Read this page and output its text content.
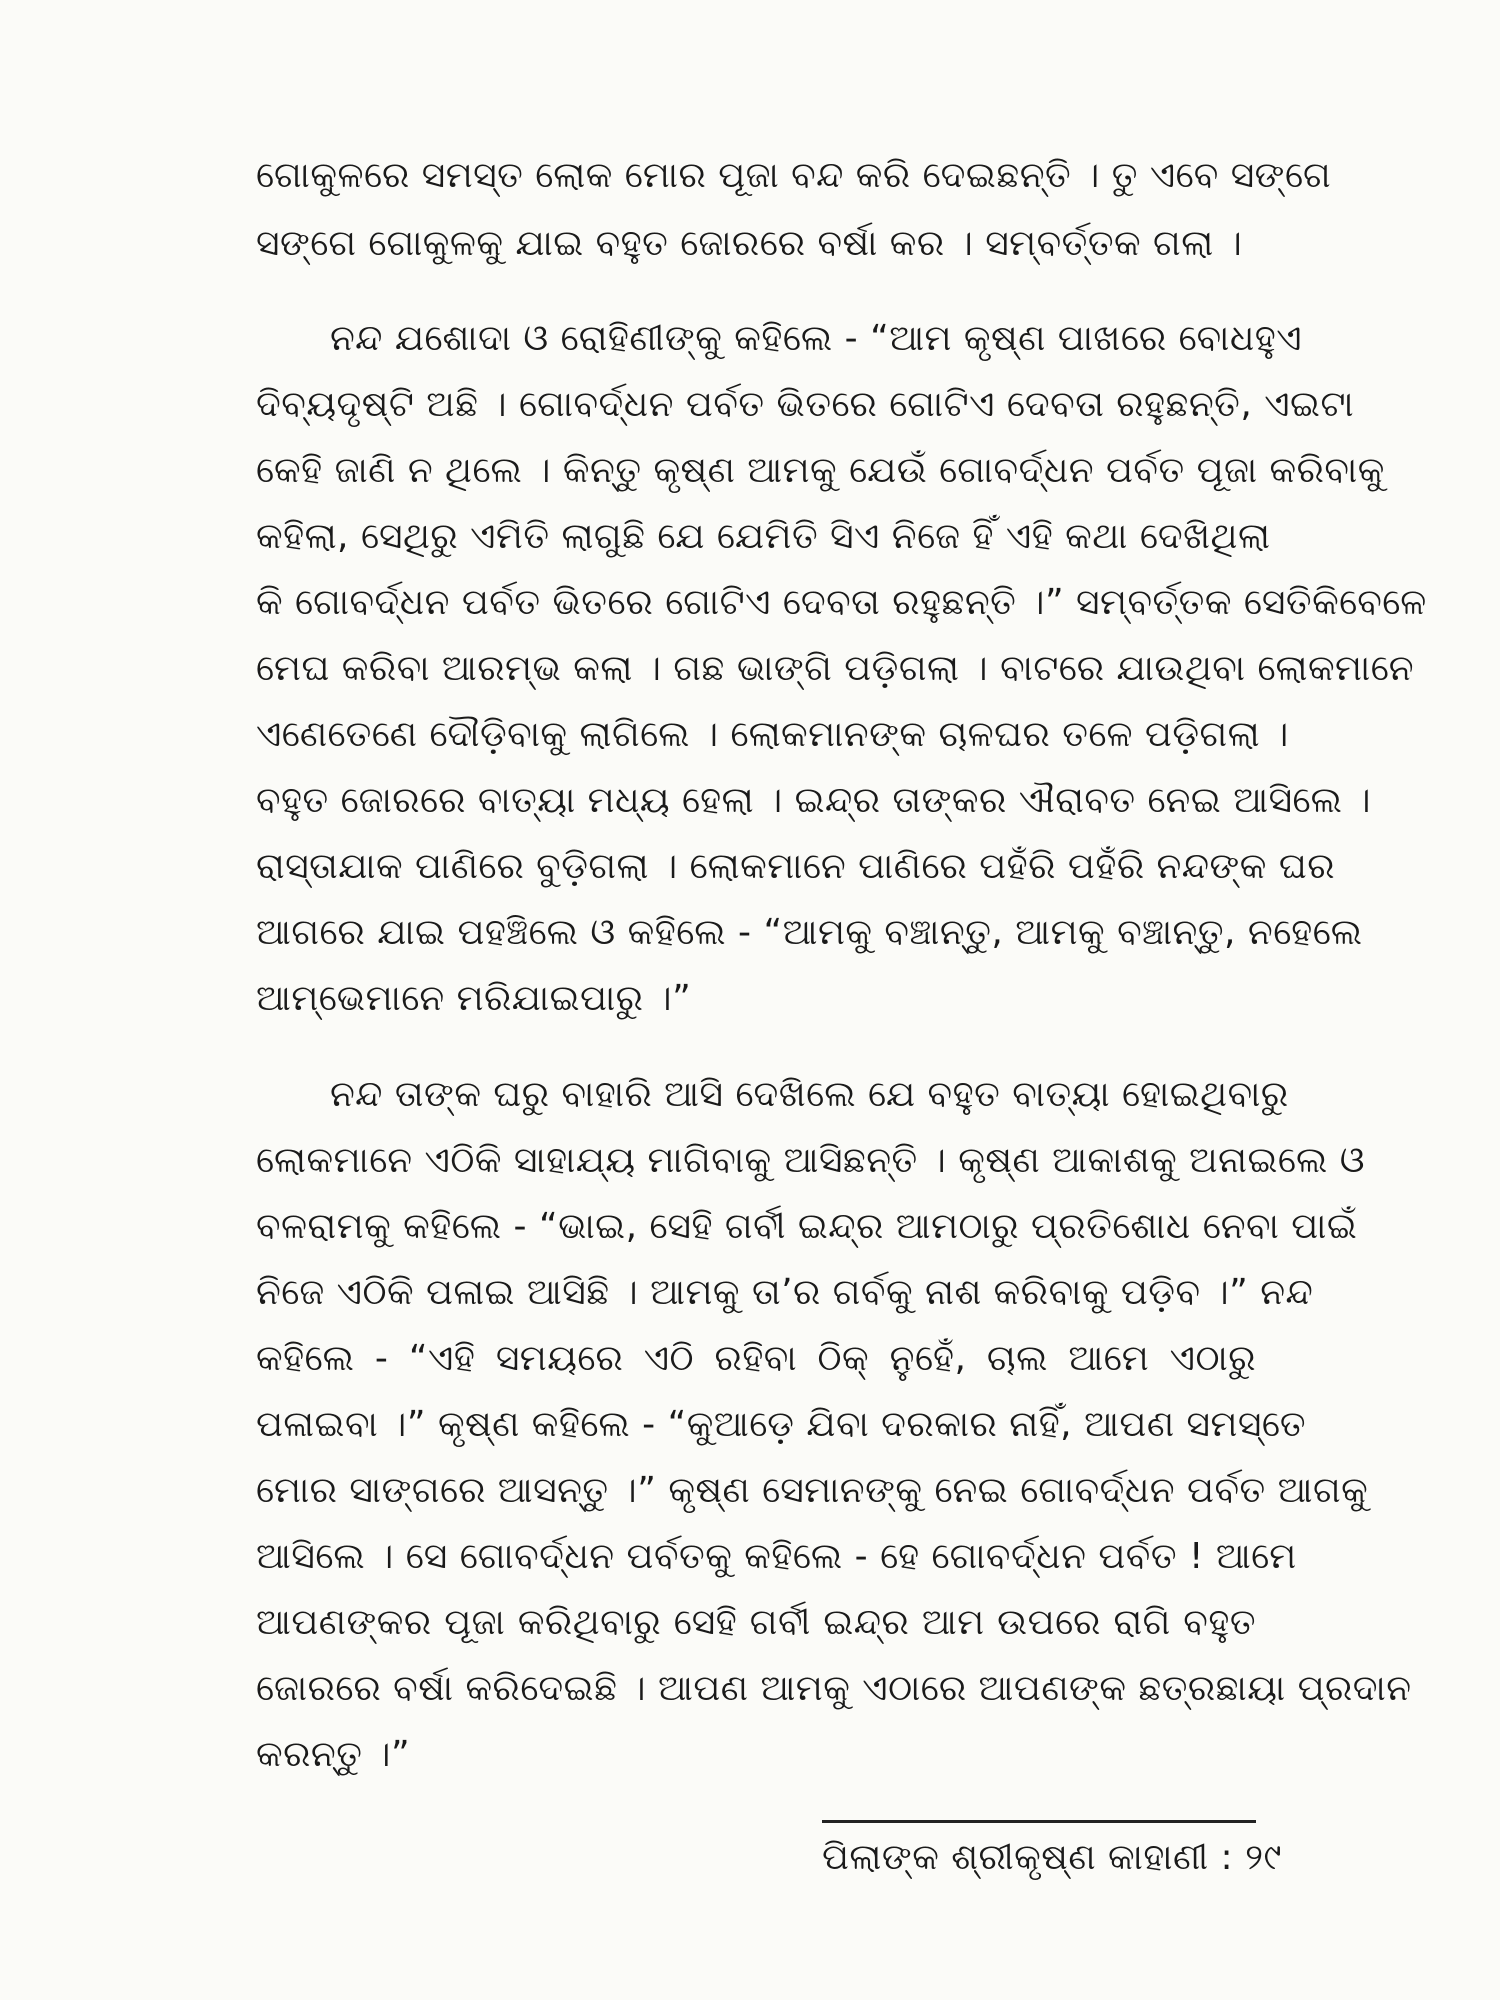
ଗୋକୁଳରେ ସମସ୍ତ ଲୋକ ମୋର ପୂଜା ବନ୍ଦ କରି ଦେଇଛନ୍ତି । ତୁ ଏବେ ସଙ୍ଗେ
ସଙ୍ଗେ ଗୋକୁଳକୁ ଯାଇ ବହୁତ ଜୋରରେ ବର୍ଷା କର । ସମ୍ବର୍ତ୍ତକ ଗଲା ।
ନନ୍ଦ ଯଶୋଦା ଓ ରୋହିଣୀଙ୍କୁ କହିଲେ - “ଆମ କୃଷ୍ଣ ପାଖରେ ବୋଧହୁଏ
ଦିବ୍ୟଦୃଷ୍ଟି ଅଛି । ଗୋବର୍ଦ୍ଧନ ପର୍ବତ ଭିତରେ ଗୋଟିଏ ଦେବତା ରହୁଛନ୍ତି, ଏଇଟା
କେହି ଜାଣି ନ ଥିଲେ । କିନ୍ତୁ କୃଷ୍ଣ ଆମକୁ ଯେଉଁ ଗୋବର୍ଦ୍ଧନ ପର୍ବତ ପୂଜା କରିବାକୁ
କହିଲା, ସେଥିରୁ ଏମିତି ଲାଗୁଛି ଯେ ଯେମିତି ସିଏ ନିଜେ ହିଁ ଏହି କଥା ଦେଖିଥିଲା
କି ଗୋବର୍ଦ୍ଧନ ପର୍ବତ ଭିତରେ ଗୋଟିଏ ଦେବତା ରହୁଛନ୍ତି ।” ସମ୍ବର୍ତ୍ତକ ସେତିକିବେଳେ
ମେଘ କରିବା ଆରମ୍ଭ କଲା । ଗଛ ଭାଙ୍ଗି ପଡ଼ିଗଲା । ବାଟରେ ଯାଉଥିବା ଲୋକମାନେ
ଏଣେତେଣେ ଦୌଡ଼ିବାକୁ ଲାଗିଲେ । ଲୋକମାନଙ୍କ ଚାଳଘର ତଳେ ପଡ଼ିଗଲା ।
ବହୁତ ଜୋରରେ ବାତ୍ୟା ମଧ୍ୟ ହେଲା । ଇନ୍ଦ୍ର ତାଙ୍କର ଐରାବତ ନେଇ ଆସିଲେ ।
ରାସ୍ତାଯାକ ପାଣିରେ ବୁଡ଼ିଗଲା । ଲୋକମାନେ ପାଣିରେ ପହଁରି ପହଁରି ନନ୍ଦଙ୍କ ଘର
ଆଗରେ ଯାଇ ପହଞ୍ଚିଲେ ଓ କହିଲେ - “ଆମକୁ ବଞ୍ଚାନ୍ତୁ, ଆମକୁ ବଞ୍ଚାନ୍ତୁ, ନହେଲେ
ଆମ୍ଭେମାନେ ମରିଯାଇପାରୁ ।”
ନନ୍ଦ ତାଙ୍କ ଘରୁ ବାହାରି ଆସି ଦେଖିଲେ ଯେ ବହୁତ ବାତ୍ୟା ହୋଇଥିବାରୁ
ଲୋକମାନେ ଏଠିକି ସାହାଯ୍ୟ ମାଗିବାକୁ ଆସିଛନ୍ତି । କୃଷ୍ଣ ଆକାଶକୁ ଅନାଇଲେ ଓ
ବଳରାମକୁ କହିଲେ - “ଭାଇ, ସେହି ଗର୍ବୀ ଇନ୍ଦ୍ର ଆମଠାରୁ ପ୍ରତିଶୋଧ ନେବା ପାଇଁ
ନିଜେ ଏଠିକି ପଳାଇ ଆସିଛି । ଆମକୁ ତା’ର ଗର୍ବକୁ ନାଶ କରିବାକୁ ପଡ଼ିବ ।” ନନ୍ଦ
କହିଲେ - “ଏହି ସମୟରେ ଏଠି ରହିବା ଠିକ୍ ନୁହେଁ, ଚାଲ ଆମେ ଏଠାରୁ
ପଳାଇବା ।” କୃଷ୍ଣ କହିଲେ - “କୁଆଡ଼େ ଯିବା ଦରକାର ନାହିଁ, ଆପଣ ସମସ୍ତେ
ମୋର ସାଙ୍ଗରେ ଆସନ୍ତୁ ।” କୃଷ୍ଣ ସେମାନଙ୍କୁ ନେଇ ଗୋବର୍ଦ୍ଧନ ପର୍ବତ ଆଗକୁ
ଆସିଲେ । ସେ ଗୋବର୍ଦ୍ଧନ ପର୍ବତକୁ କହିଲେ - ହେ ଗୋବର୍ଦ୍ଧନ ପର୍ବତ ! ଆମେ
ଆପଣଙ୍କର ପୂଜା କରିଥିବାରୁ ସେହି ଗର୍ବୀ ଇନ୍ଦ୍ର ଆମ ଉପରେ ରାଗି ବହୁତ
ଜୋରରେ ବର୍ଷା କରିଦେଇଛି । ଆପଣ ଆମକୁ ଏଠାରେ ଆପଣଙ୍କ ଛତ୍ରଛାୟା ପ୍ରଦାନ
କରନ୍ତୁ ।”
ପିଲାଙ୍କ ଶ୍ରୀକୃଷ୍ଣ କାହାଣୀ : ୨୯
